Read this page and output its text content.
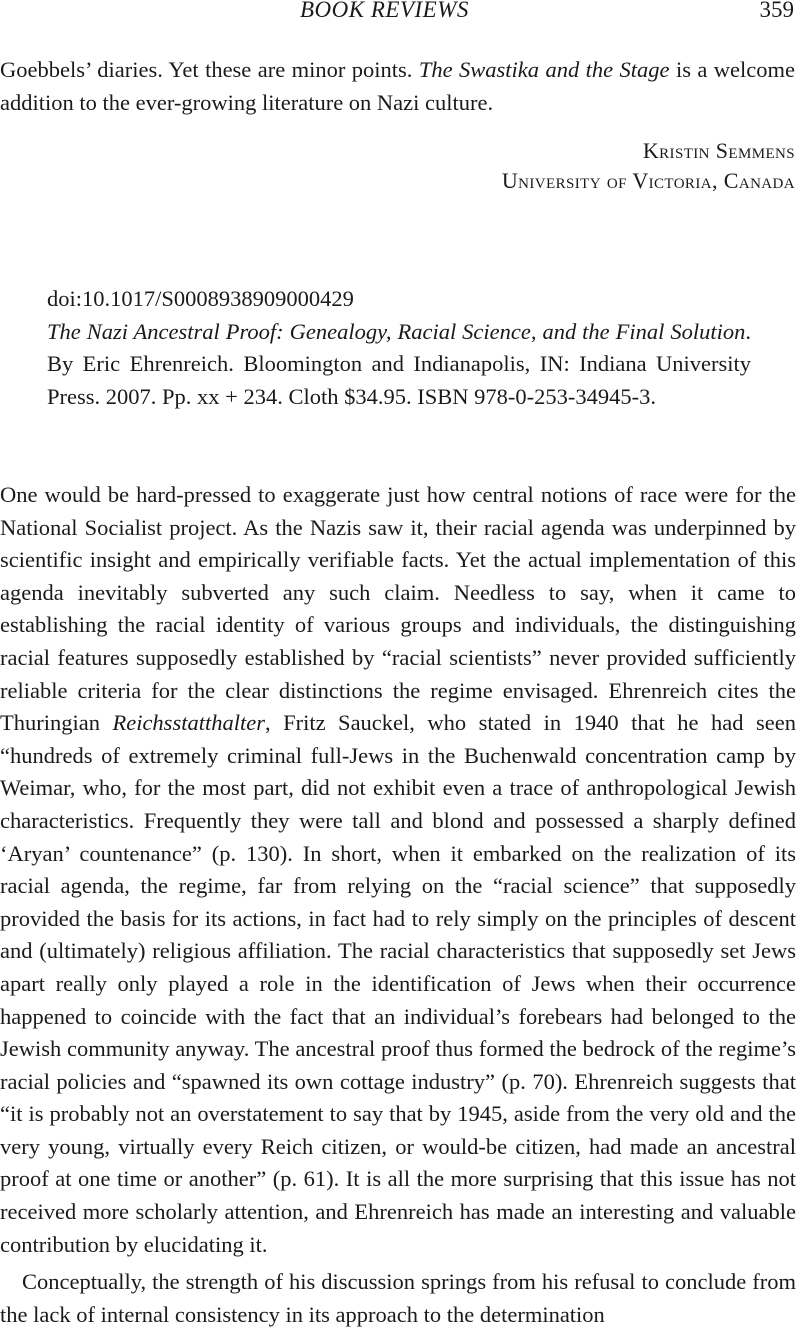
BOOK REVIEWS	359

Goebbels’ diaries. Yet these are minor points. The Swastika and the Stage is a welcome addition to the ever-growing literature on Nazi culture.

Kristin Semmens
University of Victoria, Canada
doi:10.1017/S0008938909000429

The Nazi Ancestral Proof: Genealogy, Racial Science, and the Final Solution. By Eric Ehrenreich. Bloomington and Indianapolis, IN: Indiana University Press. 2007. Pp. xx + 234. Cloth $34.95. ISBN 978-0-253-34945-3.

One would be hard-pressed to exaggerate just how central notions of race were for the National Socialist project. As the Nazis saw it, their racial agenda was underpinned by scientific insight and empirically verifiable facts. Yet the actual implementation of this agenda inevitably subverted any such claim. Needless to say, when it came to establishing the racial identity of various groups and individuals, the distinguishing racial features supposedly established by “racial scientists” never provided sufficiently reliable criteria for the clear distinctions the regime envisaged. Ehrenreich cites the Thuringian Reichsstatthalter, Fritz Sauckel, who stated in 1940 that he had seen “hundreds of extremely criminal full-Jews in the Buchenwald concentration camp by Weimar, who, for the most part, did not exhibit even a trace of anthropological Jewish characteristics. Frequently they were tall and blond and possessed a sharply defined ‘Aryan’ countenance” (p. 130). In short, when it embarked on the realization of its racial agenda, the regime, far from relying on the “racial science” that supposedly provided the basis for its actions, in fact had to rely simply on the principles of descent and (ultimately) religious affiliation. The racial characteristics that supposedly set Jews apart really only played a role in the identification of Jews when their occurrence happened to coincide with the fact that an individual’s forebears had belonged to the Jewish community anyway. The ancestral proof thus formed the bedrock of the regime’s racial policies and “spawned its own cottage industry” (p. 70). Ehrenreich suggests that “it is probably not an overstatement to say that by 1945, aside from the very old and the very young, virtually every Reich citizen, or would-be citizen, had made an ancestral proof at one time or another” (p. 61). It is all the more surprising that this issue has not received more scholarly attention, and Ehrenreich has made an interesting and valuable contribution by elucidating it.

Conceptually, the strength of his discussion springs from his refusal to conclude from the lack of internal consistency in its approach to the determination
